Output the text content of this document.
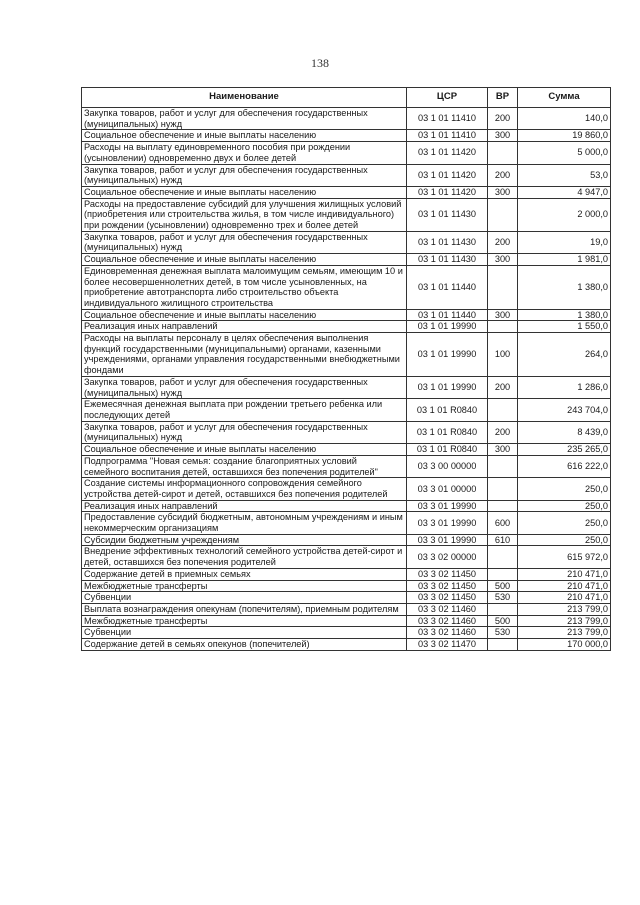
138
Наименование	ЦСР	ВР	Сумма
Закупка товаров, работ и услуг для обеспечения государственных (муниципальных) нужд	03 1 01 11410	200	140,0
Социальное обеспечение и иные выплаты населению	03 1 01 11410	300	19 860,0
Расходы на выплату единовременного пособия при рождении (усыновлении) одновременно двух и более детей	03 1 01 11420		5 000,0
Закупка товаров, работ и услуг для обеспечения государственных (муниципальных) нужд	03 1 01 11420	200	53,0
Социальное обеспечение и иные выплаты населению	03 1 01 11420	300	4 947,0
Расходы на предоставление субсидий для улучшения жилищных условий (приобретения или строительства жилья, в том числе индивидуального) при рождении (усыновлении) одновременно трех и более детей	03 1 01 11430		2 000,0
Закупка товаров, работ и услуг для обеспечения государственных (муниципальных) нужд	03 1 01 11430	200	19,0
Социальное обеспечение и иные выплаты населению	03 1 01 11430	300	1 981,0
Единовременная денежная выплата малоимущим семьям, имеющим 10 и более несовершеннолетних детей, в том числе усыновленных, на приобретение автотранспорта либо строительство объекта индивидуального жилищного строительства	03 1 01 11440		1 380,0
Социальное обеспечение и иные выплаты населению	03 1 01 11440	300	1 380,0
Реализация иных направлений	03 1 01 19990		1 550,0
Расходы на выплаты персоналу в целях обеспечения выполнения функций государственными (муниципальными) органами, казенными учреждениями, органами управления государственными внебюджетными фондами	03 1 01 19990	100	264,0
Закупка товаров, работ и услуг для обеспечения государственных (муниципальных) нужд	03 1 01 19990	200	1 286,0
Ежемесячная денежная выплата при рождении третьего ребенка или последующих детей	03 1 01 R0840		243 704,0
Закупка товаров, работ и услуг для обеспечения государственных (муниципальных) нужд	03 1 01 R0840	200	8 439,0
Социальное обеспечение и иные выплаты населению	03 1 01 R0840	300	235 265,0
Подпрограмма "Новая семья: создание благоприятных условий семейного воспитания детей, оставшихся без попечения родителей"	03 3 00 00000		616 222,0
Создание системы информационного сопровождения семейного устройства детей-сирот и детей, оставшихся без попечения родителей	03 3 01 00000		250,0
Реализация иных направлений	03 3 01 19990		250,0
Предоставление субсидий бюджетным, автономным учреждениям и иным некоммерческим организациям	03 3 01 19990	600	250,0
Субсидии бюджетным учреждениям	03 3 01 19990	610	250,0
Внедрение эффективных технологий семейного устройства детей-сирот и детей, оставшихся без попечения родителей	03 3 02 00000		615 972,0
Содержание детей в приемных семьях	03 3 02 11450		210 471,0
Межбюджетные трансферты	03 3 02 11450	500	210 471,0
Субвенции	03 3 02 11450	530	210 471,0
Выплата вознаграждения опекунам (попечителям), приемным родителям	03 3 02 11460		213 799,0
Межбюджетные трансферты	03 3 02 11460	500	213 799,0
Субвенции	03 3 02 11460	530	213 799,0
Содержание детей в семьях опекунов (попечителей)	03 3 02 11470		170 000,0
